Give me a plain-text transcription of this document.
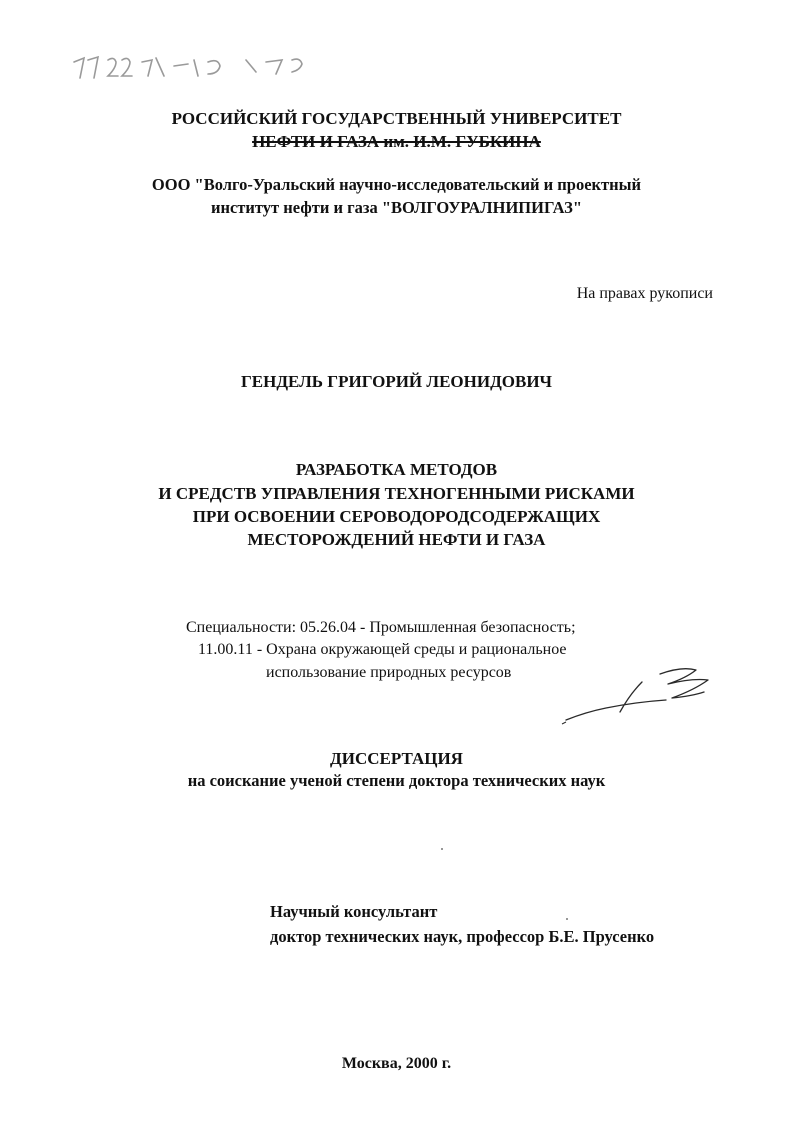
РОССИЙСКИЙ ГОСУДАРСТВЕННЫЙ УНИВЕРСИТЕТ
НЕФТИ И ГАЗА им. И.М. ГУБКИНА
ООО "Волго-Уральский научно-исследовательский и проектный
институт нефти и газа "ВОЛГОУРАЛНИПИГАЗ"
На правах рукописи
ГЕНДЕЛЬ ГРИГОРИЙ ЛЕОНИДОВИЧ
РАЗРАБОТКА МЕТОДОВ
И СРЕДСТВ УПРАВЛЕНИЯ ТЕХНОГЕННЫМИ РИСКАМИ
ПРИ ОСВОЕНИИ СЕРОВОДОРОДСОДЕРЖАЩИХ
МЕСТОРОЖДЕНИЙ НЕФТИ И ГАЗА
Специальности: 05.26.04 - Промышленная безопасность;
11.00.11 - Охрана окружающей среды и рациональное
использование природных ресурсов
ДИССЕРТАЦИЯ
на соискание ученой степени доктора технических наук
Научный консультант
доктор технических наук, профессор Б.Е. Прусенко
Москва, 2000 г.
